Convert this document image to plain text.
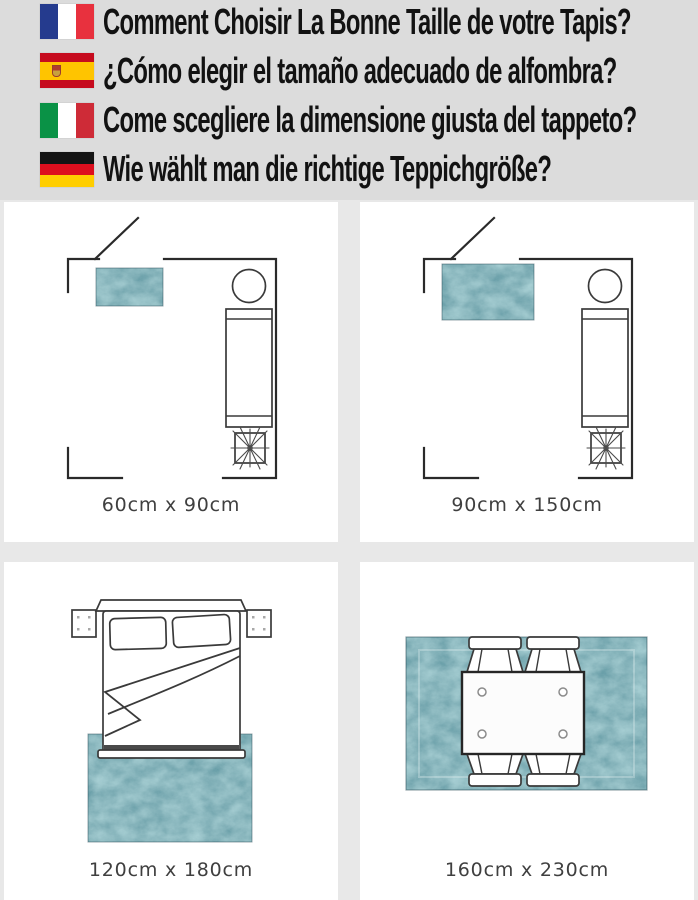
Comment Choisir La Bonne Taille de votre Tapis?
¿Cómo elegir el tamaño adecuado de alfombra?
Come scegliere la dimensione giusta del tappeto?
Wie wählt man die richtige Teppichgröße?
60cm x 90cm	90cm x 150cm
120cm x 180cm	160cm x 230cm
